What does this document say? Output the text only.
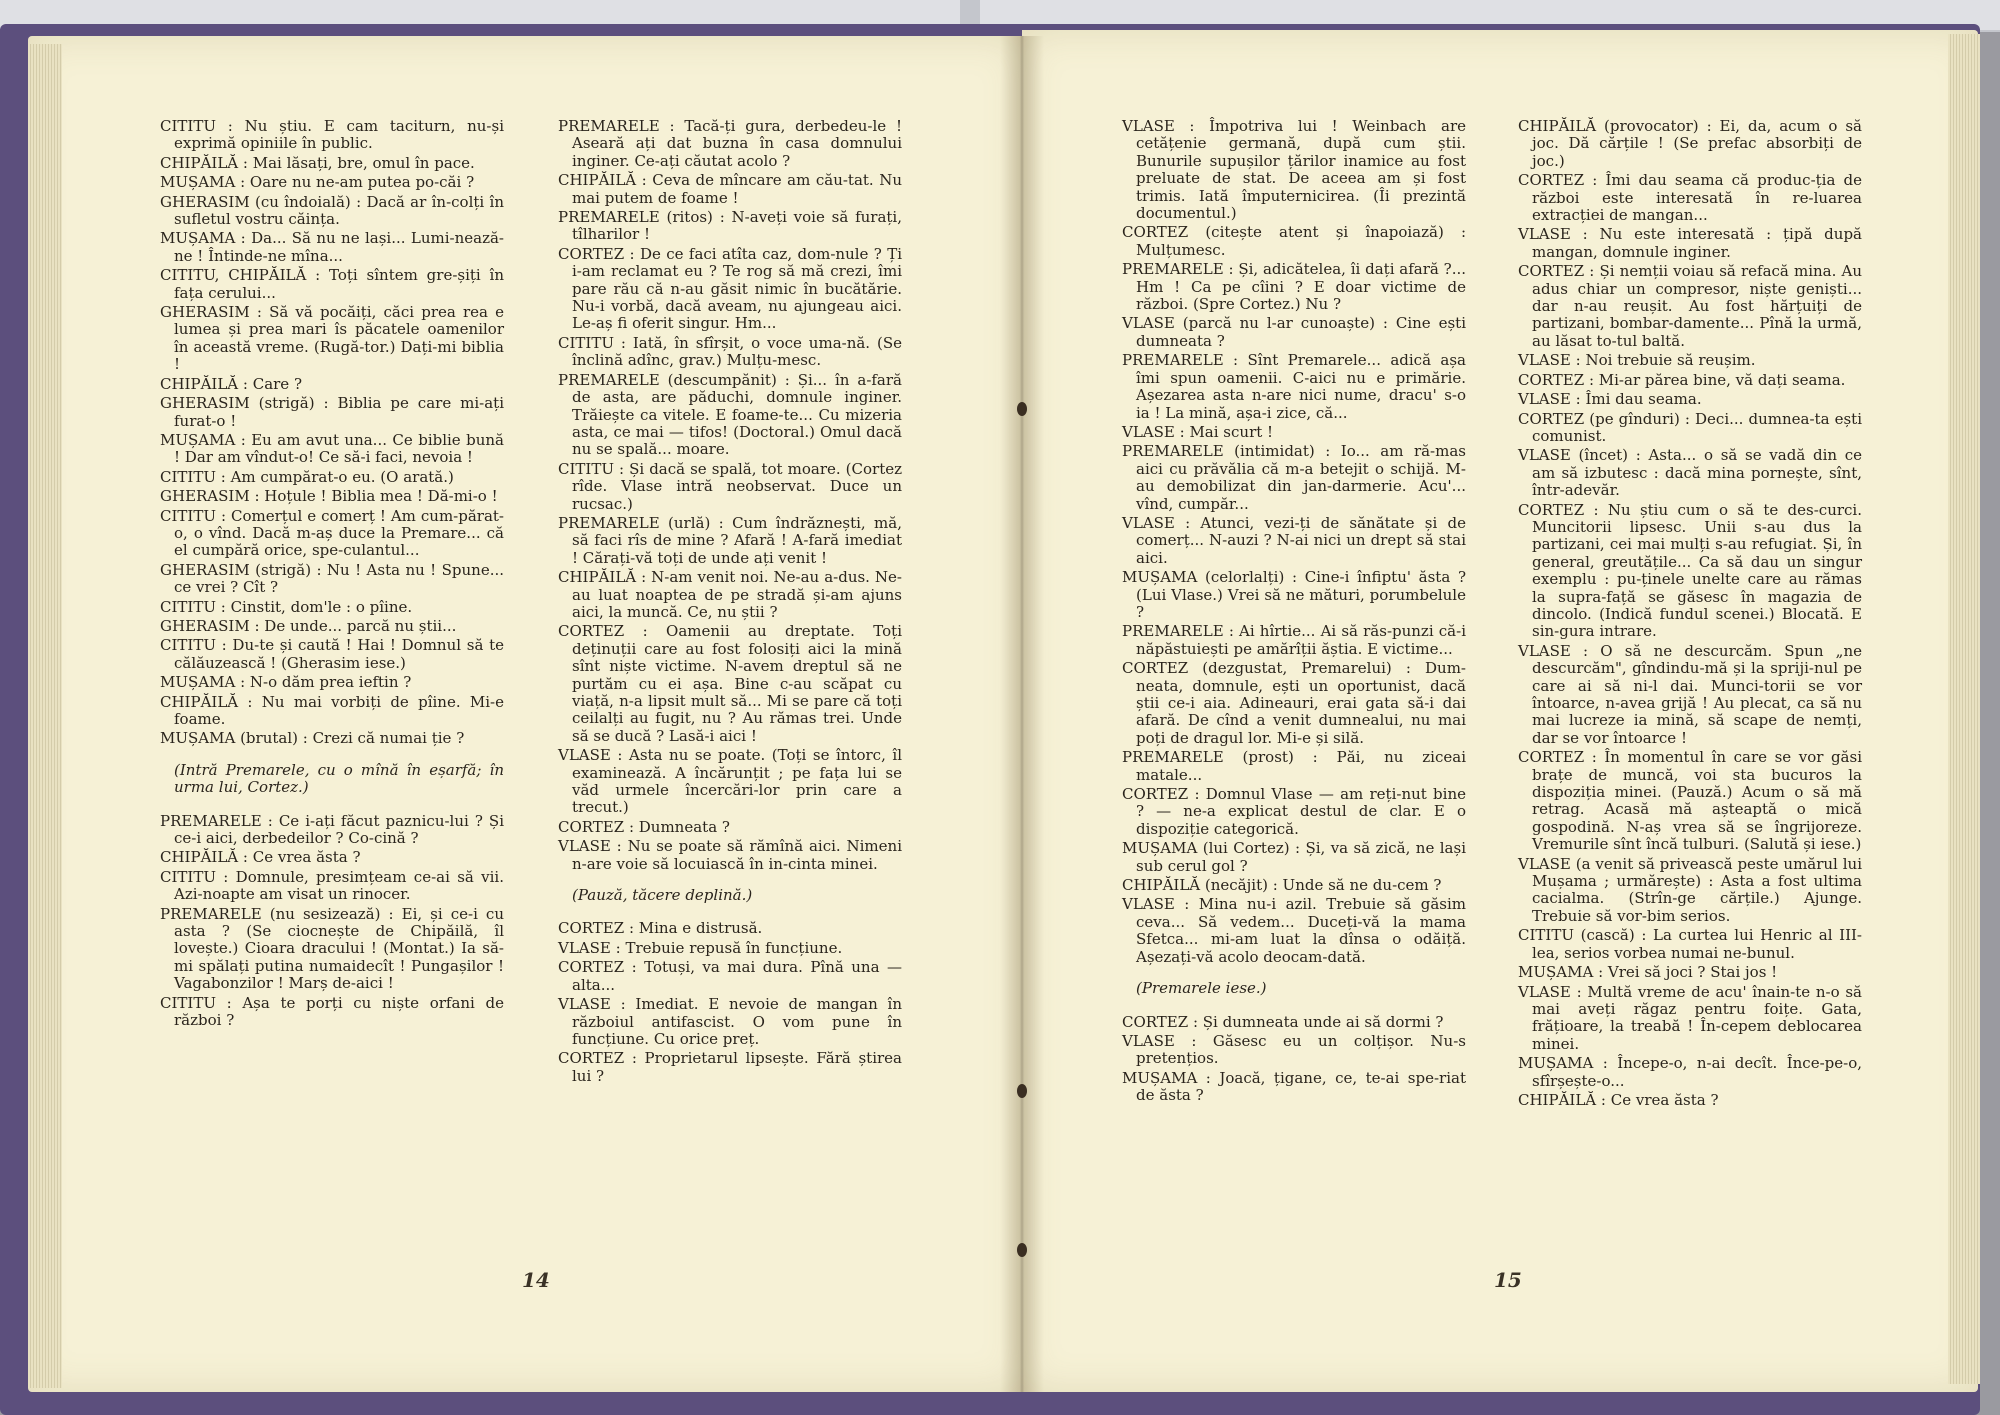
CITITU : Nu știu. E cam taciturn, nu-și exprimă opiniile în public.

CHIPĂILĂ : Mai lăsați, bre, omul în pace.

MUȘAMA : Oare nu ne-am putea po-căi ?

GHERASIM (cu îndoială) : Dacă ar în-colți în sufletul vostru căința.

MUȘAMA : Da... Să nu ne lași... Lumi-nează-ne ! Întinde-ne mîna...

CITITU, CHIPĂILĂ : Toți sîntem gre-șiți în fața cerului...

GHERASIM : Să vă pocăiți, căci prea rea e lumea și prea mari îs păcatele oamenilor în această vreme. (Rugă-tor.) Dați-mi biblia !

CHIPĂILĂ : Care ?

GHERASIM (strigă) : Biblia pe care mi-ați furat-o !

MUȘAMA : Eu am avut una... Ce biblie bună ! Dar am vîndut-o! Ce să-i faci, nevoia !

CITITU : Am cumpărat-o eu. (O arată.)

GHERASIM : Hoțule ! Biblia mea ! Dă-mi-o !

CITITU : Comerțul e comerț ! Am cum-părat-o, o vînd. Dacă m-aș duce la Premare... că el cumpără orice, spe-culantul...

GHERASIM (strigă) : Nu ! Asta nu ! Spune... ce vrei ? Cît ?

CITITU : Cinstit, dom'le : o pîine.

GHERASIM : De unde... parcă nu știi...

CITITU : Du-te și caută ! Hai ! Domnul să te călăuzească ! (Gherasim iese.)

MUȘAMA : N-o dăm prea ieftin ?

CHIPĂILĂ : Nu mai vorbiți de pîine. Mi-e foame.

MUȘAMA (brutal) : Crezi că numai ție ?

(Intră Premarele, cu o mînă în eșarfă; în urma lui, Cortez.)

PREMARELE : Ce i-ați făcut paznicu-lui ? Și ce-i aici, derbedeilor ? Co-cină ?

CHIPĂILĂ : Ce vrea ăsta ?

CITITU : Domnule, presimțeam ce-ai să vii. Azi-noapte am visat un rinocer.

PREMARELE (nu sesizează) : Ei, și ce-i cu asta ? (Se ciocnește de Chipăilă, îl lovește.) Cioara dracului ! (Montat.) Ia să-mi spălați putina numaidecît ! Pungașilor ! Vagabonzilor ! Marș de-aici !

CITITU : Așa te porți cu niște orfani de război ?

PREMARELE : Tacă-ți gura, derbedeu-le ! Aseară ați dat buzna în casa domnului inginer. Ce-ați căutat acolo ?

CHIPĂILĂ : Ceva de mîncare am cău-tat. Nu mai putem de foame !

PREMARELE (ritos) : N-aveți voie să furați, tîlharilor !

CORTEZ : De ce faci atîta caz, dom-nule ? Ți i-am reclamat eu ? Te rog să mă crezi, îmi pare rău că n-au găsit nimic în bucătărie. Nu-i vorbă, dacă aveam, nu ajungeau aici. Le-aș fi oferit singur. Hm...

CITITU : Iată, în sfîrșit, o voce uma-nă. (Se înclină adînc, grav.) Mulțu-mesc.

PREMARELE (descumpănit) : Și... în a-fară de asta, are păduchi, domnule inginer. Trăiește ca vitele. E foame-te... Cu mizeria asta, ce mai — tifos! (Doctoral.) Omul dacă nu se spală... moare.

CITITU : Și dacă se spală, tot moare. (Cortez rîde. Vlase intră neobservat. Duce un rucsac.)

PREMARELE (urlă) : Cum îndrăznești, mă, să faci rîs de mine ? Afară ! A-fară imediat ! Cărați-vă toți de unde ați venit !

CHIPĂILĂ : N-am venit noi. Ne-au a-dus. Ne-au luat noaptea de pe stradă și-am ajuns aici, la muncă. Ce, nu știi ?

CORTEZ : Oamenii au dreptate. Toți deținuții care au fost folosiți aici la mină sînt niște victime. N-avem dreptul să ne purtăm cu ei așa. Bine c-au scăpat cu viață, n-a lipsit mult să... Mi se pare că toți ceilalți au fugit, nu ? Au rămas trei. Unde să se ducă ? Lasă-i aici !

VLASE : Asta nu se poate. (Toți se întorc, îl examinează. A încărunțit ; pe fața lui se văd urmele încercări-lor prin care a trecut.)

CORTEZ : Dumneata ?

VLASE : Nu se poate să rămînă aici. Nimeni n-are voie să locuiască în in-cinta minei.

(Pauză, tăcere deplină.)

CORTEZ : Mina e distrusă.

VLASE : Trebuie repusă în funcțiune.

CORTEZ : Totuși, va mai dura. Pînă una — alta...

VLASE : Imediat. E nevoie de mangan în războiul antifascist. O vom pune în funcțiune. Cu orice preț.

CORTEZ : Proprietarul lipsește. Fără știrea lui ?

VLASE : Împotriva lui ! Weinbach are cetățenie germană, după cum știi. Bunurile supușilor țărilor inamice au fost preluate de stat. De aceea am și fost trimis. Iată împuternicirea. (Îi prezintă documentul.)

CORTEZ (citește atent și înapoiază) : Mulțumesc.

PREMARELE : Și, adicătelea, îi dați afară ?... Hm ! Ca pe cîini ? E doar victime de război. (Spre Cortez.) Nu ?

VLASE (parcă nu l-ar cunoaște) : Cine ești dumneata ?

PREMARELE : Sînt Premarele... adică așa îmi spun oamenii. C-aici nu e primărie. Așezarea asta n-are nici nume, dracu' s-o ia ! La mină, așa-i zice, că...

VLASE : Mai scurt !

PREMARELE (intimidat) : Io... am ră-mas aici cu prăvălia că m-a betejit o schijă. M-au demobilizat din jan-darmerie. Acu'... vînd, cumpăr...

VLASE : Atunci, vezi-ți de sănătate și de comerț... N-auzi ? N-ai nici un drept să stai aici.

MUȘAMA (celorlalți) : Cine-i înfiptu' ăsta ? (Lui Vlase.) Vrei să ne mături, porumbelule ?

PREMARELE : Ai hîrtie... Ai să răs-punzi că-i năpăstuiești pe amărîții ăștia. E victime...

CORTEZ (dezgustat, Premarelui) : Dum-neata, domnule, ești un oportunist, dacă știi ce-i aia. Adineauri, erai gata să-i dai afară. De cînd a venit dumnealui, nu mai poți de dragul lor. Mi-e și silă.

PREMARELE (prost) : Păi, nu ziceai matale...

CORTEZ : Domnul Vlase — am reți-nut bine ? — ne-a explicat destul de clar. E o dispoziție categorică.

MUȘAMA (lui Cortez) : Și, va să zică, ne lași sub cerul gol ?

CHIPĂILĂ (necăjit) : Unde să ne du-cem ?

VLASE : Mina nu-i azil. Trebuie să găsim ceva... Să vedem... Duceți-vă la mama Sfetca... mi-am luat la dînsa o odăiță. Așezați-vă acolo deocam-dată.

(Premarele iese.)

CORTEZ : Și dumneata unde ai să dormi ?

VLASE : Găsesc eu un colțișor. Nu-s pretențios.

MUȘAMA : Joacă, țigane, ce, te-ai spe-riat de ăsta ?

CHIPĂILĂ (provocator) : Ei, da, acum o să joc. Dă cărțile ! (Se prefac absorbiți de joc.)

CORTEZ : Îmi dau seama că produc-ția de război este interesată în re-luarea extracției de mangan...

VLASE : Nu este interesată : țipă după mangan, domnule inginer.

CORTEZ : Și nemții voiau să refacă mina. Au adus chiar un compresor, niște geniști... dar n-au reușit. Au fost hărțuiți de partizani, bombar-damente... Pînă la urmă, au lăsat to-tul baltă.

VLASE : Noi trebuie să reușim.

CORTEZ : Mi-ar părea bine, vă dați seama.

VLASE : Îmi dau seama.

CORTEZ (pe gînduri) : Deci... dumnea-ta ești comunist.

VLASE (încet) : Asta... o să se vadă din ce am să izbutesc : dacă mina pornește, sînt, într-adevăr.

CORTEZ : Nu știu cum o să te des-curci. Muncitorii lipsesc. Unii s-au dus la partizani, cei mai mulți s-au refugiat. Și, în general, greutățile... Ca să dau un singur exemplu : pu-ținele unelte care au rămas la supra-față se găsesc în magazia de dincolo. (Indică fundul scenei.) Blocată. E sin-gura intrare.

VLASE : O să ne descurcăm. Spun „ne descurcăm", gîndindu-mă și la spriji-nul pe care ai să ni-l dai. Munci-torii se vor întoarce, n-avea grijă ! Au plecat, ca să nu mai lucreze ia mină, să scape de nemți, dar se vor întoarce !

CORTEZ : În momentul în care se vor găsi brațe de muncă, voi sta bucuros la dispoziția minei. (Pauză.) Acum o să mă retrag. Acasă mă așteaptă o mică gospodină. N-aș vrea să se îngrijoreze. Vremurile sînt încă tulburi. (Salută și iese.)

VLASE (a venit să privească peste umărul lui Mușama ; urmărește) : Asta a fost ultima cacialma. (Strîn-ge cărțile.) Ajunge. Trebuie să vor-bim serios.

CITITU (cască) : La curtea lui Henric al III-lea, serios vorbea numai ne-bunul.

MUȘAMA : Vrei să joci ? Stai jos !

VLASE : Multă vreme de acu' înain-te n-o să mai aveți răgaz pentru foițe. Gata, frățioare, la treabă ! În-cepem deblocarea minei.

MUȘAMA : Începe-o, n-ai decît. Înce-pe-o, sfîrșește-o...

CHIPĂILĂ : Ce vrea ăsta ?

14	15
